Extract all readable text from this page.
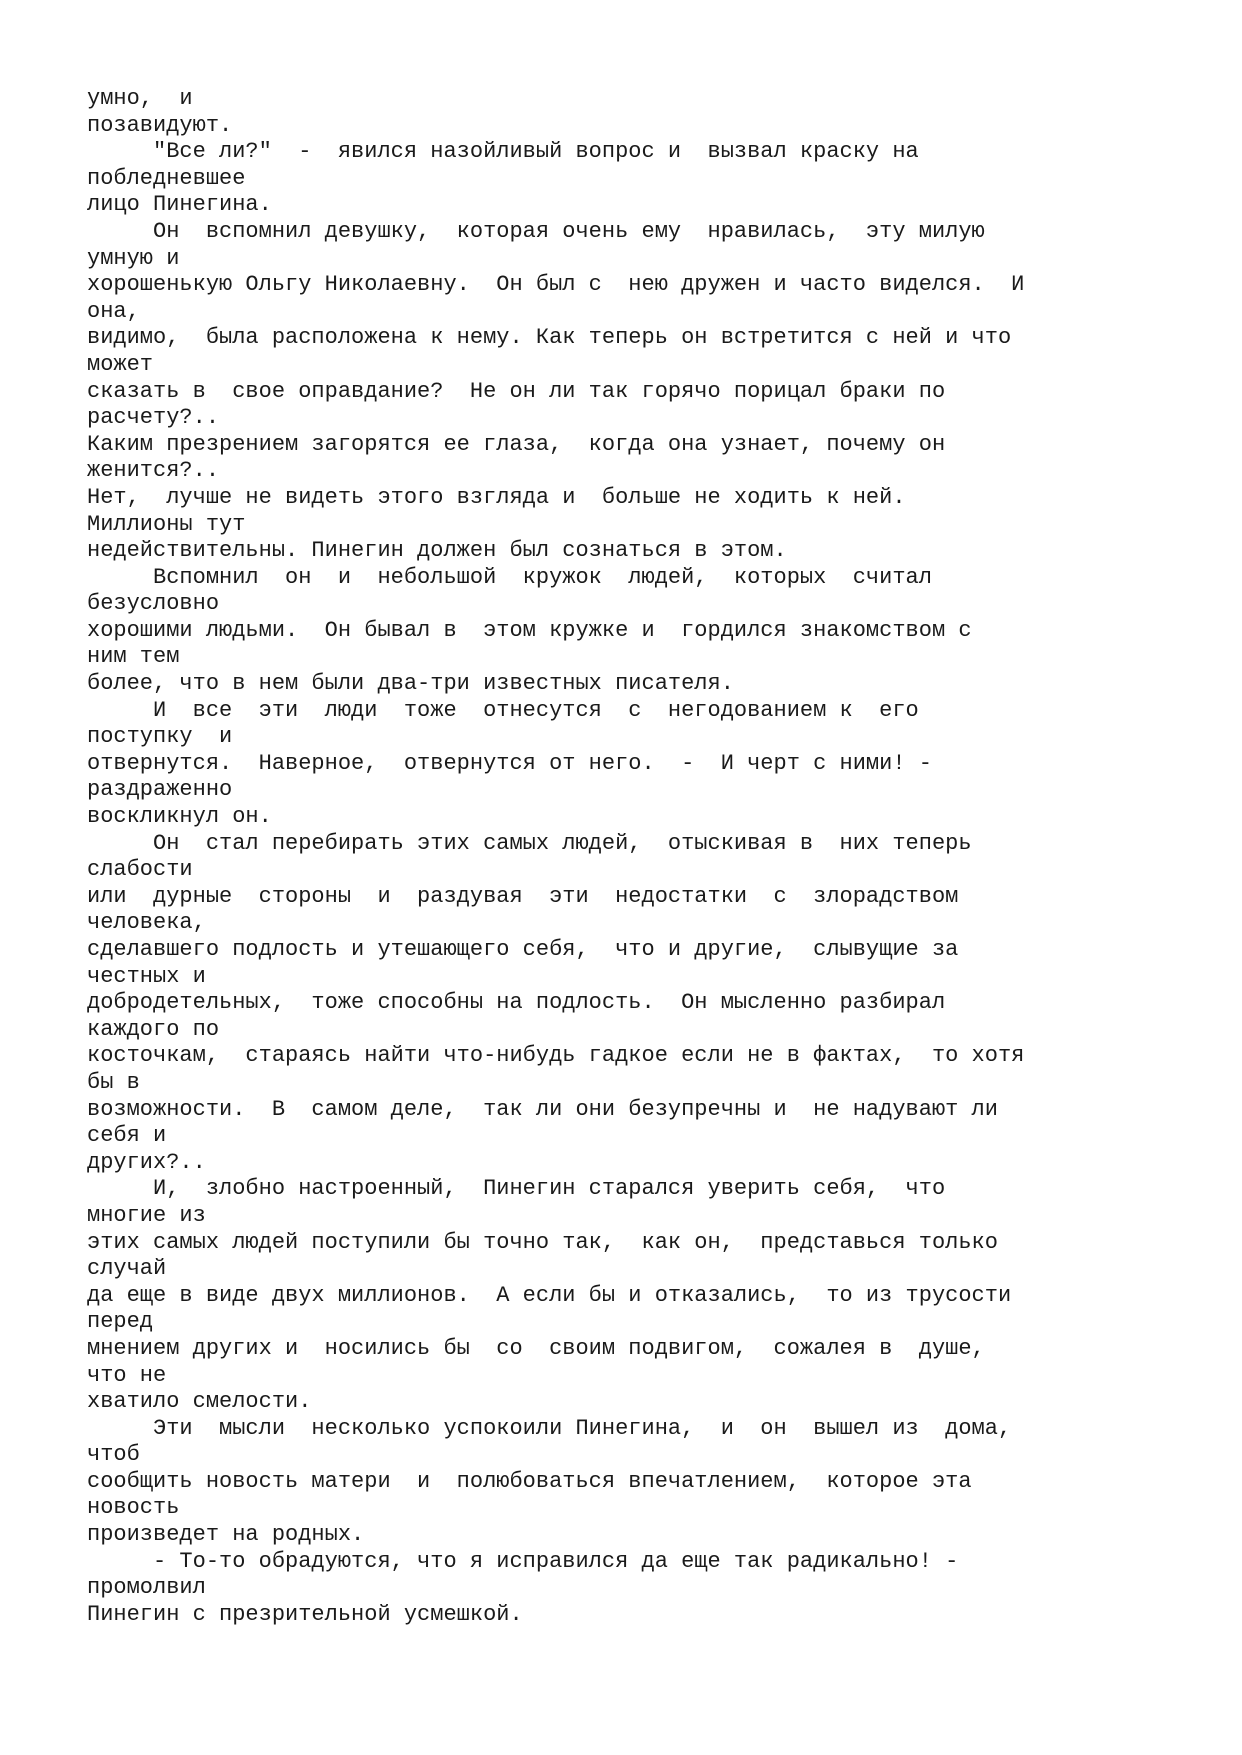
умно,  и
позавидуют.
"Все ли?"  -  явился назойливый вопрос и  вызвал краску на
побледневшее
лицо Пинегина.
Он  вспомнил девушку,  которая очень ему  нравилась,  эту милую
умную и
хорошенькую Ольгу Николаевну.  Он был с  нею дружен и часто виделся.  И
она,
видимо,  была расположена к нему. Как теперь он встретится с ней и что
может
сказать в  свое оправдание?  Не он ли так горячо порицал браки по
расчету?..
Каким презрением загорятся ее глаза,  когда она узнает, почему он
женится?..
Нет,  лучше не видеть этого взгляда и  больше не ходить к ней.
Миллионы тут
недействительны. Пинегин должен был сознаться в этом.
Вспомнил  он  и  небольшой  кружок  людей,  которых  считал
безусловно
хорошими людьми.  Он бывал в  этом кружке и  гордился знакомством с
ним тем
более, что в нем были два-три известных писателя.
И  все  эти  люди  тоже  отнесутся  с  негодованием к  его
поступку  и
отвернутся.  Наверное,  отвернутся от него.  -  И черт с ними! -
раздраженно
воскликнул он.
Он  стал перебирать этих самых людей,  отыскивая в  них теперь
слабости
или  дурные  стороны  и  раздувая  эти  недостатки  с  злорадством
человека,
сделавшего подлость и утешающего себя,  что и другие,  слывущие за
честных и
добродетельных,  тоже способны на подлость.  Он мысленно разбирал
каждого по
косточкам,  стараясь найти что-нибудь гадкое если не в фактах,  то хотя
бы в
возможности.  В  самом деле,  так ли они безупречны и  не надувают ли
себя и
других?..
И,  злобно настроенный,  Пинегин старался уверить себя,  что
многие из
этих самых людей поступили бы точно так,  как он,  представься только
случай
да еще в виде двух миллионов.  А если бы и отказались,  то из трусости
перед
мнением других и  носились бы  со  своим подвигом,  сожалея в  душе,
что не
хватило смелости.
Эти  мысли  несколько успокоили Пинегина,  и  он  вышел из  дома,
чтоб
сообщить новость матери  и  полюбоваться впечатлением,  которое эта
новость
произведет на родных.
- То-то обрадуются, что я исправился да еще так радикально! -
промолвил
Пинегин с презрительной усмешкой.
